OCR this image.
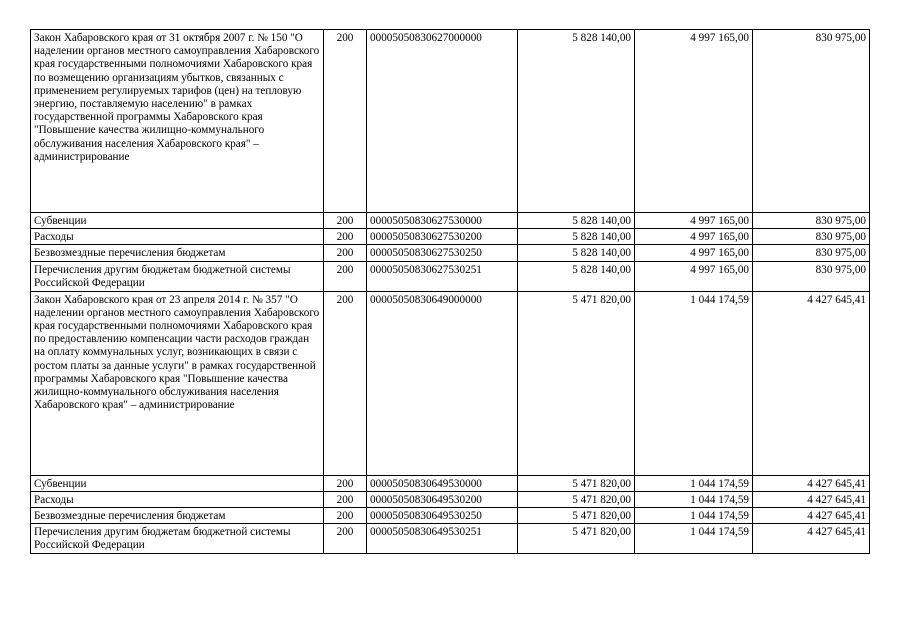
Закон Хабаровского края от 31 октября 2007 г. № 150 "О наделении органов местного самоуправления Хабаровского края государственными полномочиями Хабаровского края по возмещению организациям убытков, связанных с применением регулируемых тарифов (цен) на тепловую энергию, поставляемую населению" в рамках государственной программы Хабаровского края "Повышение качества жилищно-коммунального обслуживания населения Хабаровского края" – администрирование	200	00005050830627000000	5 828 140,00	4 997 165,00	830 975,00
Субвенции	200	00005050830627530000	5 828 140,00	4 997 165,00	830 975,00
Расходы	200	00005050830627530200	5 828 140,00	4 997 165,00	830 975,00
Безвозмездные перечисления бюджетам	200	00005050830627530250	5 828 140,00	4 997 165,00	830 975,00
Перечисления другим бюджетам бюджетной системы Российской Федерации	200	00005050830627530251	5 828 140,00	4 997 165,00	830 975,00
Закон Хабаровского края от 23 апреля 2014 г. № 357 "О наделении органов местного самоуправления Хабаровского края государственными полномочиями Хабаровского края по предоставлению компенсации части расходов граждан на оплату коммунальных услуг, возникающих в связи с ростом платы за данные услуги" в рамках государственной программы Хабаровского края "Повышение качества жилищно-коммунального обслуживания населения Хабаровского края" – администрирование	200	00005050830649000000	5 471 820,00	1 044 174,59	4 427 645,41
Субвенции	200	00005050830649530000	5 471 820,00	1 044 174,59	4 427 645,41
Расходы	200	00005050830649530200	5 471 820,00	1 044 174,59	4 427 645,41
Безвозмездные перечисления бюджетам	200	00005050830649530250	5 471 820,00	1 044 174,59	4 427 645,41
Перечисления другим бюджетам бюджетной системы Российской Федерации	200	00005050830649530251	5 471 820,00	1 044 174,59	4 427 645,41
